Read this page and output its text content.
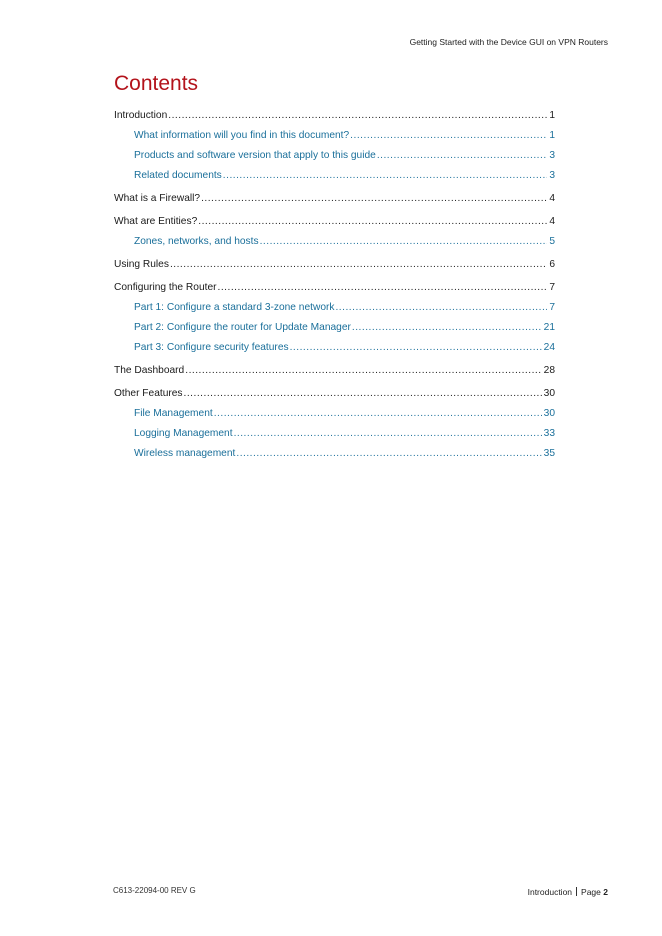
Getting Started with the Device GUI on VPN Routers
Contents
Introduction .....	1
What information will you find in this document? .....	1
Products and software version that apply to this guide .....	3
Related documents .....	3
What is a Firewall? .....	4
What are Entities? .....	4
Zones, networks, and hosts .....	5
Using Rules .....	6
Configuring the Router .....	7
Part 1: Configure a standard 3-zone network .....	7
Part 2: Configure the router for Update Manager .....	21
Part 3: Configure security features .....	24
The Dashboard .....	28
Other Features .....	30
File Management .....	30
Logging Management .....	33
Wireless management .....	35
C613-22094-00 REV G	Introduction Page 2
